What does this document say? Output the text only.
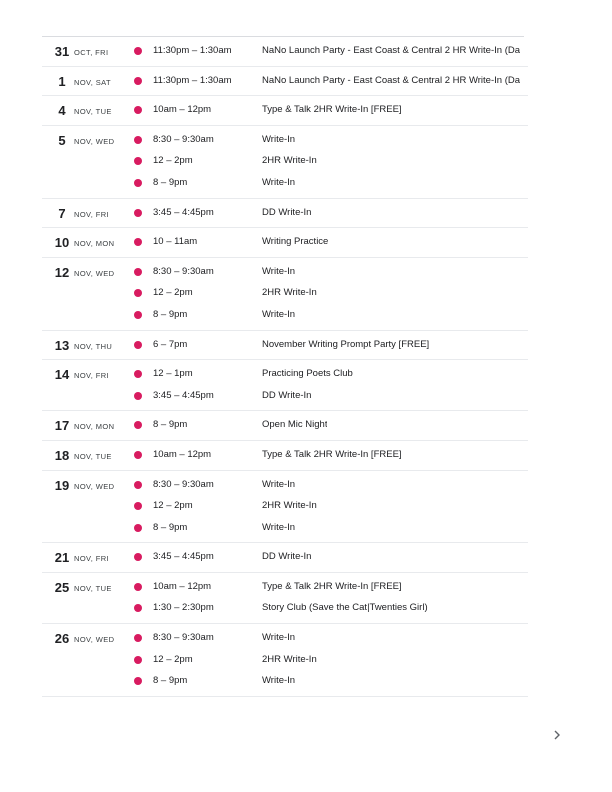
31 OCT, FRI	11:30pm – 1:30am	NaNo Launch Party - East Coast & Central 2 HR Write-In (Da
1	NOV, SAT	11:30pm – 1:30am	NaNo Launch Party - East Coast & Central 2 HR Write-In (Da
4	NOV, TUE	10am – 12pm	Type & Talk 2HR Write-In [FREE]
5	NOV, WED	8:30 – 9:30am	Write-In
12 – 2pm	2HR Write-In
8 – 9pm	Write-In
7	NOV, FRI	3:45 – 4:45pm	DD Write-In
10 NOV, MON	10 – 11am	Writing Practice
12 NOV, WED	8:30 – 9:30am	Write-In
12 – 2pm	2HR Write-In
8 – 9pm	Write-In
13 NOV, THU	6 – 7pm	November Writing Prompt Party [FREE]
14 NOV, FRI	12 – 1pm	Practicing Poets Club
3:45 – 4:45pm	DD Write-In
17 NOV, MON	8 – 9pm	Open Mic Night
18 NOV, TUE	10am – 12pm	Type & Talk 2HR Write-In [FREE]
19 NOV, WED	8:30 – 9:30am	Write-In
12 – 2pm	2HR Write-In
8 – 9pm	Write-In
21 NOV, FRI	3:45 – 4:45pm	DD Write-In
25 NOV, TUE	10am – 12pm	Type & Talk 2HR Write-In [FREE]
1:30 – 2:30pm	Story Club (Save the Cat|Twenties Girl)
26 NOV, WED	8:30 – 9:30am	Write-In
12 – 2pm	2HR Write-In
8 – 9pm	Write-In
